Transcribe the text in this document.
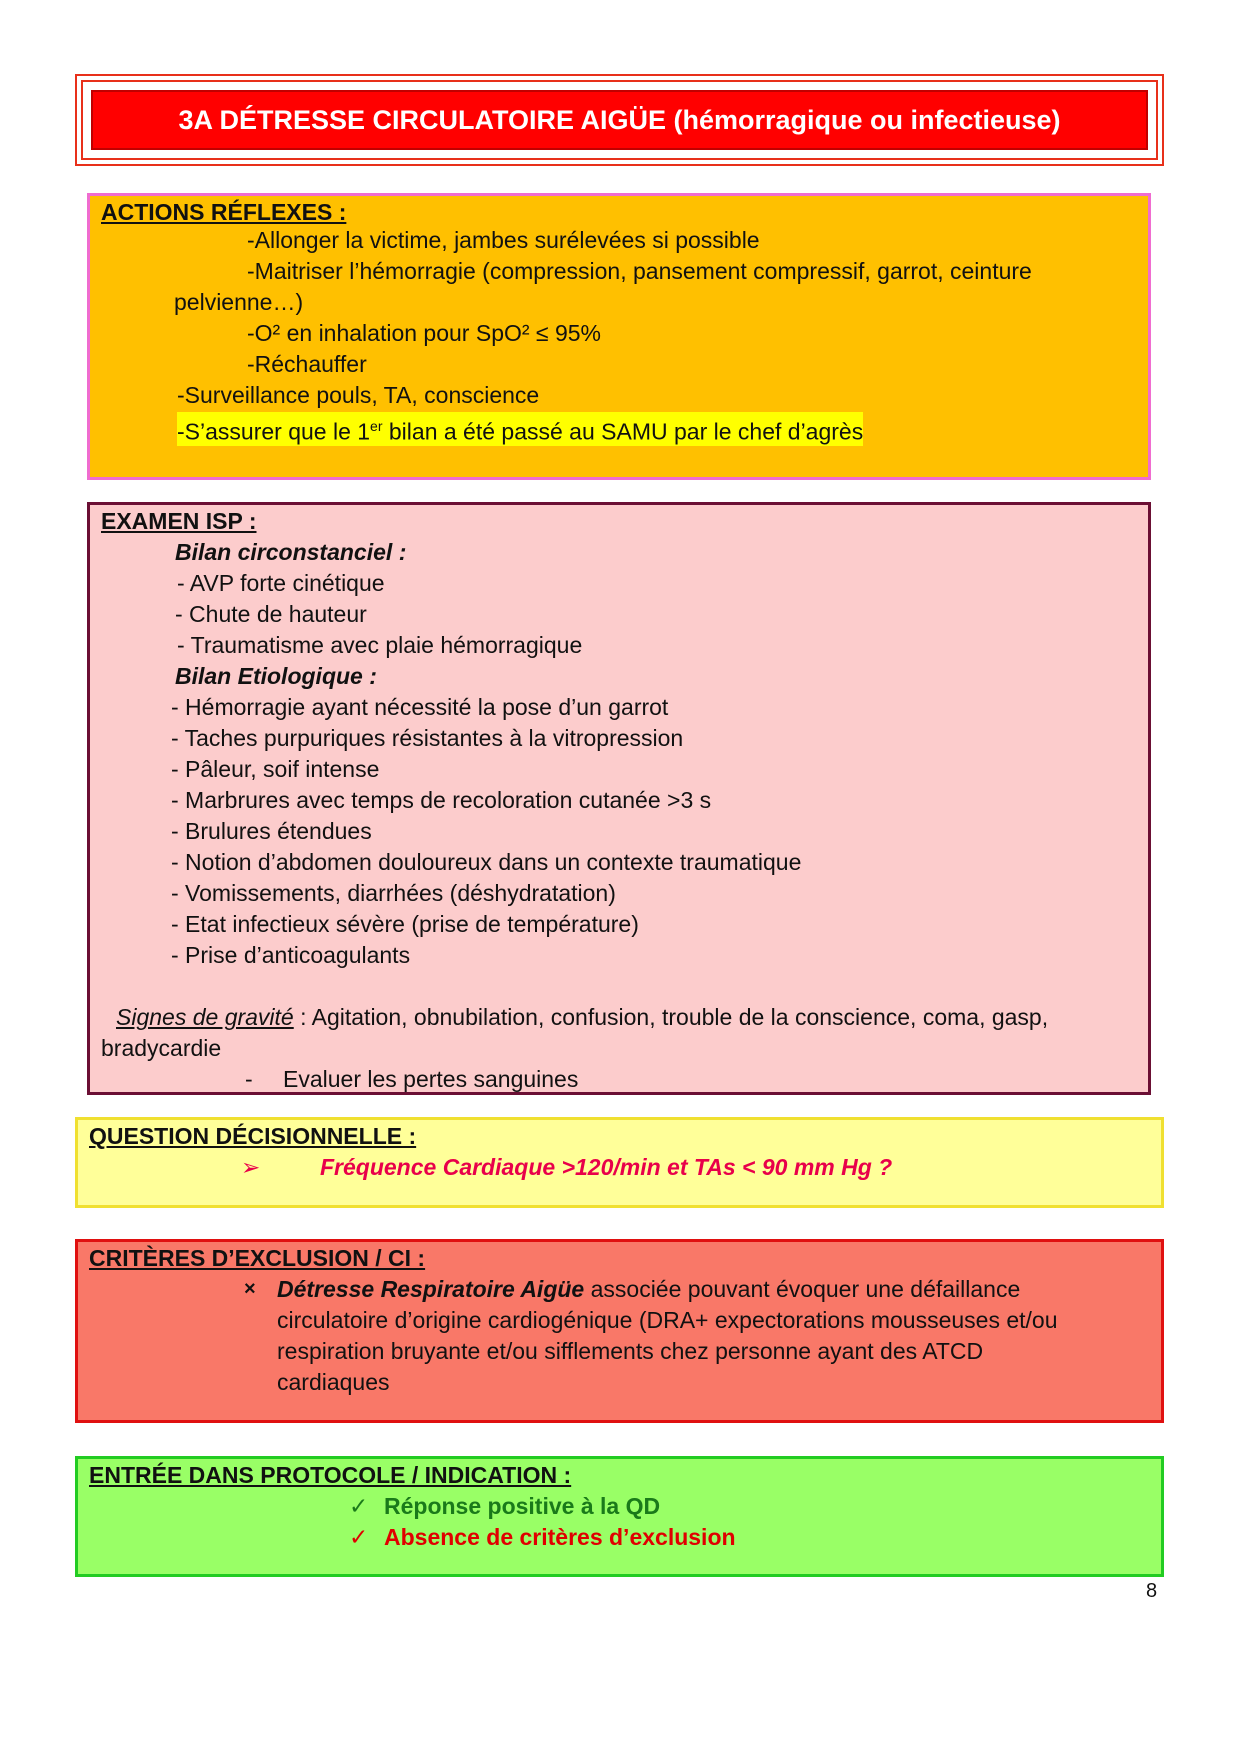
3A DÉTRESSE CIRCULATOIRE AIGÜE (hémorragique ou infectieuse)
ACTIONS RÉFLEXES :
-Allonger la victime, jambes surélevées si possible
-Maitriser l’hémorragie (compression, pansement compressif, garrot, ceinture
pelvienne…)
-O² en inhalation pour SpO² ≤ 95%
-Réchauffer
-Surveillance pouls, TA, conscience
-S’assurer que le 1er bilan a été passé au SAMU par le chef d’agrès
EXAMEN ISP :
Bilan circonstanciel :
- AVP forte cinétique
- Chute de hauteur
- Traumatisme avec plaie hémorragique
Bilan Etiologique :
- Hémorragie ayant nécessité la pose d’un garrot
- Taches purpuriques résistantes à la vitropression
- Pâleur, soif intense
- Marbrures avec temps de recoloration cutanée >3 s
- Brulures étendues
- Notion d’abdomen douloureux dans un contexte traumatique
- Vomissements, diarrhées (déshydratation)
- Etat infectieux sévère (prise de température)
- Prise d’anticoagulants
Signes de gravité : Agitation, obnubilation, confusion, trouble de la conscience, coma, gasp,
bradycardie
- Evaluer les pertes sanguines
QUESTION DÉCISIONNELLE :
➢	Fréquence Cardiaque >120/min et TAs < 90 mm Hg ?
CRITÈRES D’EXCLUSION / CI :
× Détresse Respiratoire Aigüe associée pouvant évoquer une défaillance
circulatoire d’origine cardiogénique (DRA+ expectorations mousseuses et/ou
respiration bruyante et/ou sifflements chez personne ayant des ATCD
cardiaques
ENTRÉE DANS PROTOCOLE / INDICATION :
✓ Réponse positive à la QD
✓ Absence de critères d’exclusion
8
